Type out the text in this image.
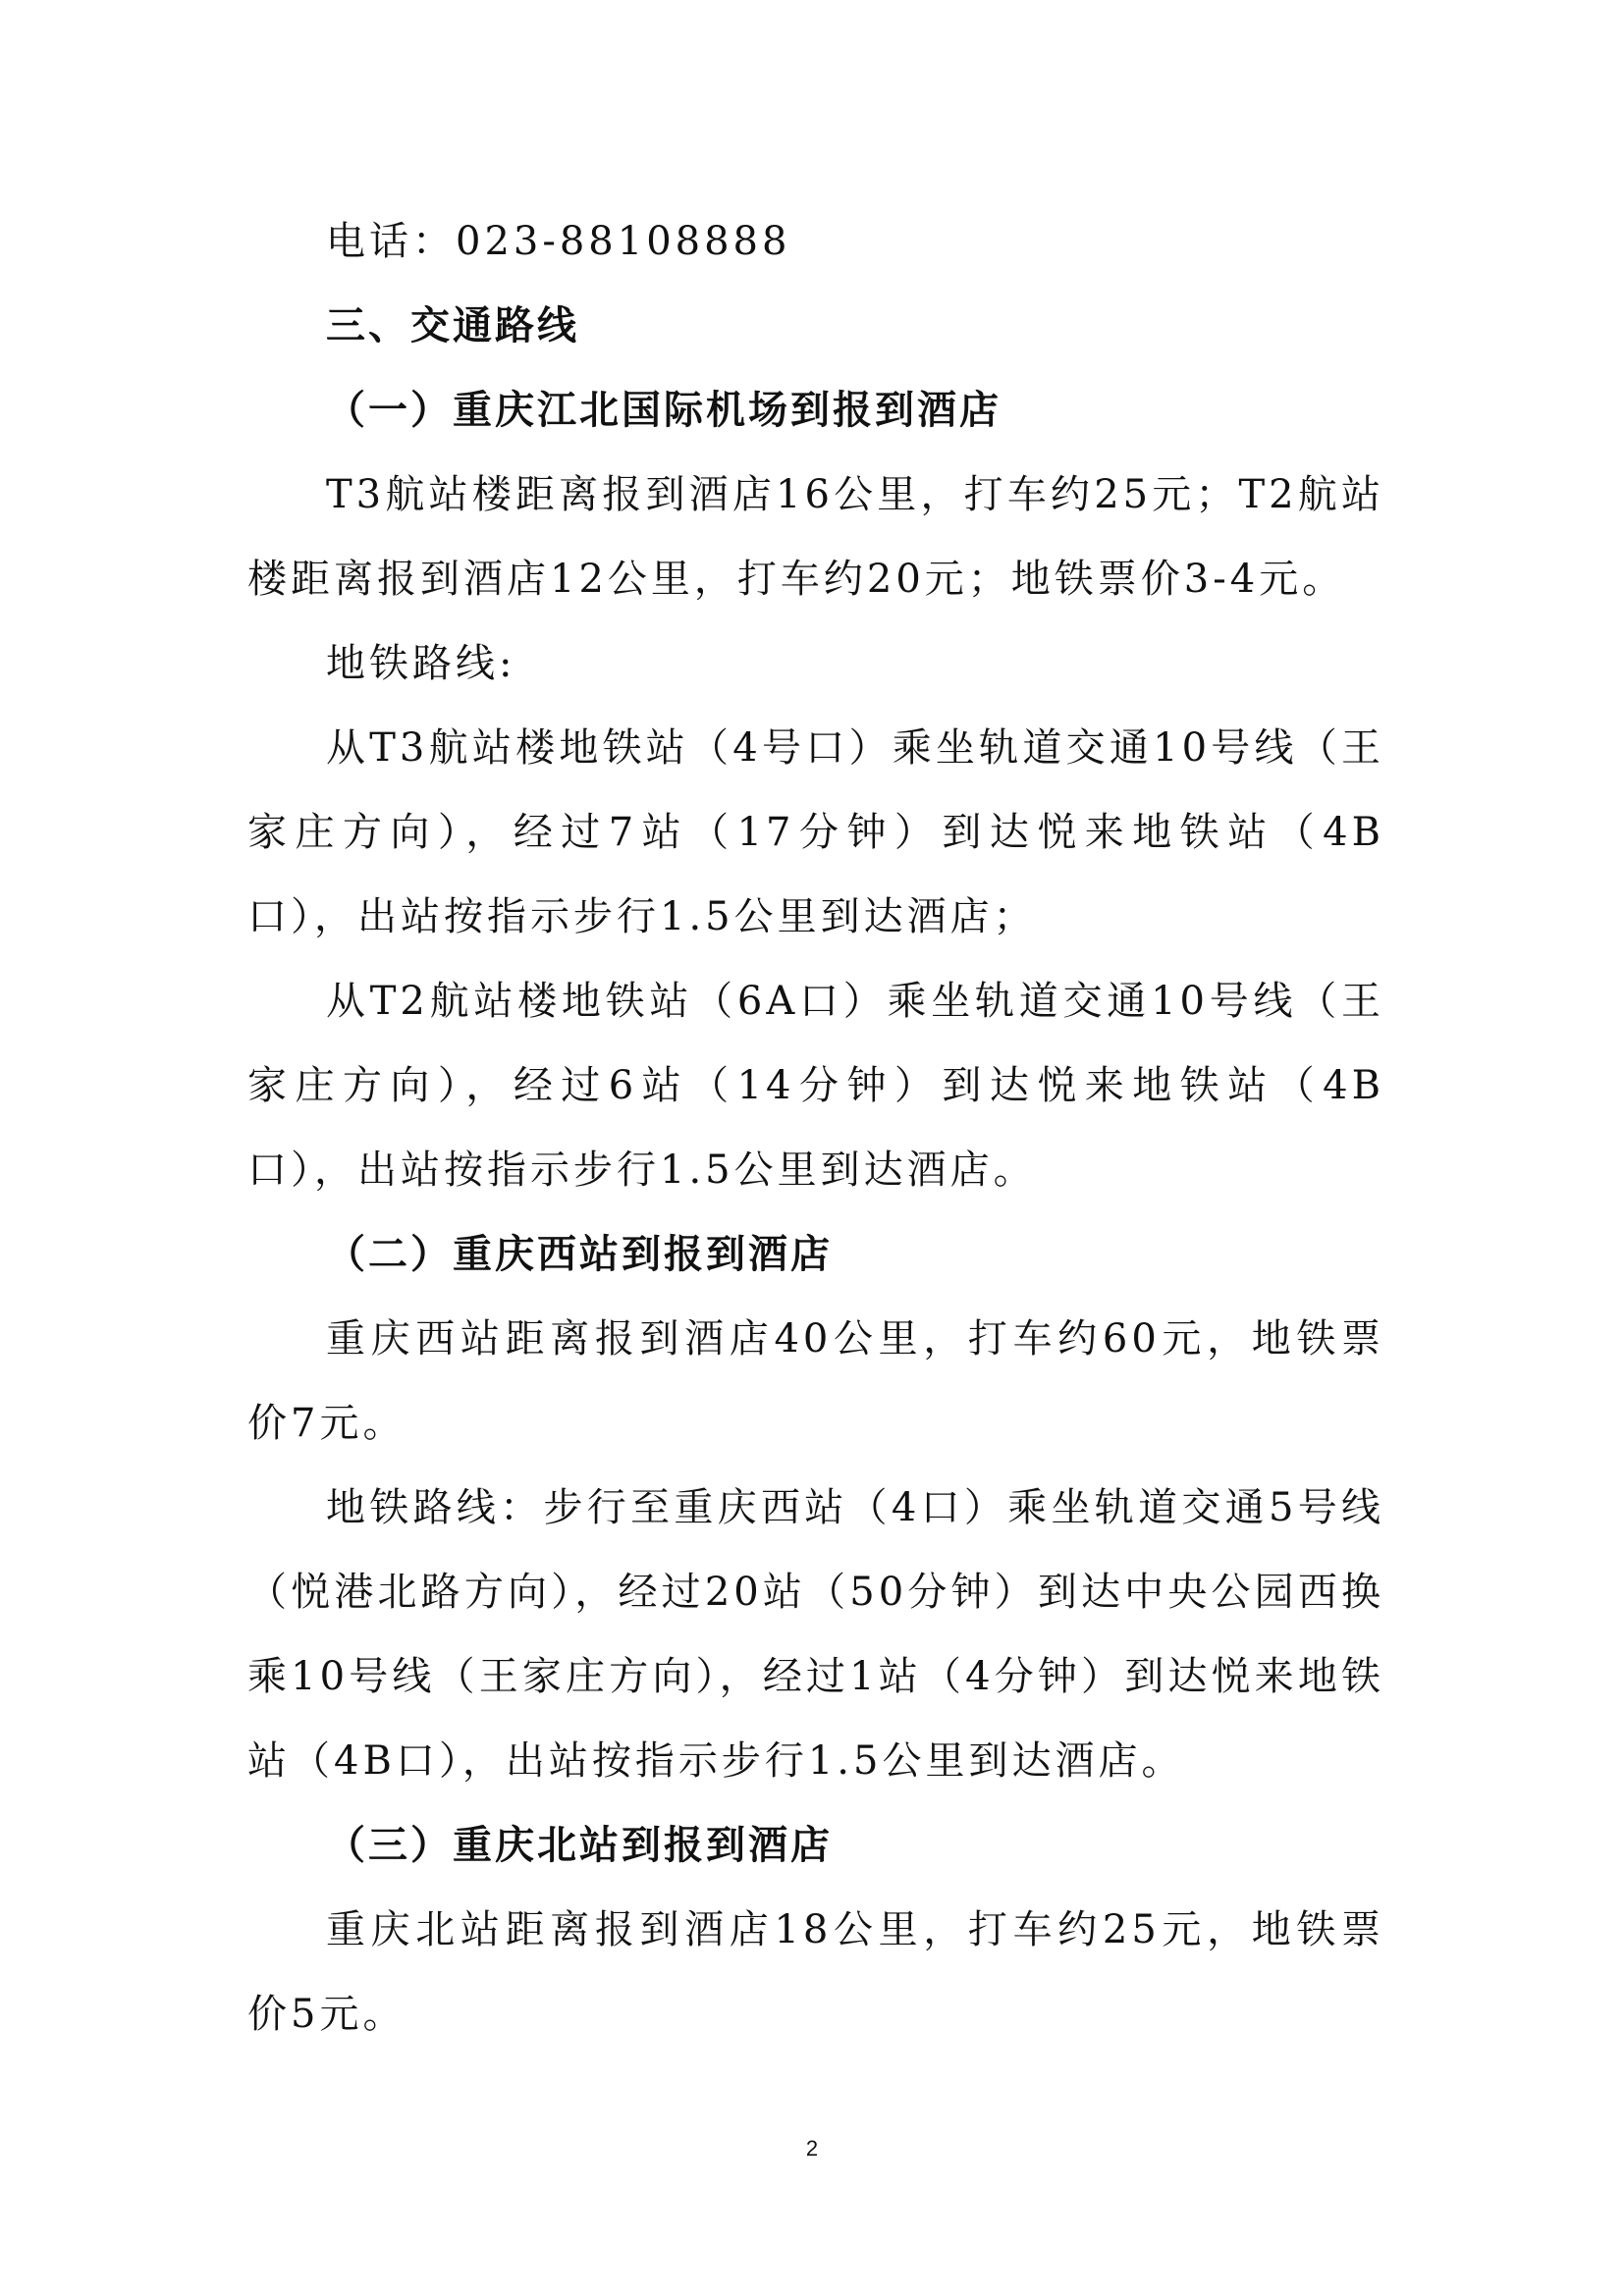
电话：023-88108888

三、交通路线

（一）重庆江北国际机场到报到酒店

T3航站楼距离报到酒店16公里，打车约25元；T2航站楼距离报到酒店12公里，打车约20元；地铁票价3-4元。

地铁路线:

从T3航站楼地铁站（4号口）乘坐轨道交通10号线（王家庄方向），经过7站（17分钟）到达悦来地铁站（4B口），出站按指示步行1.5公里到达酒店；

从T2航站楼地铁站（6A口）乘坐轨道交通10号线（王家庄方向），经过6站（14分钟）到达悦来地铁站（4B口），出站按指示步行1.5公里到达酒店。

（二）重庆西站到报到酒店

重庆西站距离报到酒店40公里，打车约60元，地铁票价7元。

地铁路线：步行至重庆西站（4口）乘坐轨道交通5号线（悦港北路方向），经过20站（50分钟）到达中央公园西换乘10号线（王家庄方向），经过1站（4分钟）到达悦来地铁站（4B口），出站按指示步行1.5公里到达酒店。

（三）重庆北站到报到酒店

重庆北站距离报到酒店18公里，打车约25元，地铁票价5元。

2
